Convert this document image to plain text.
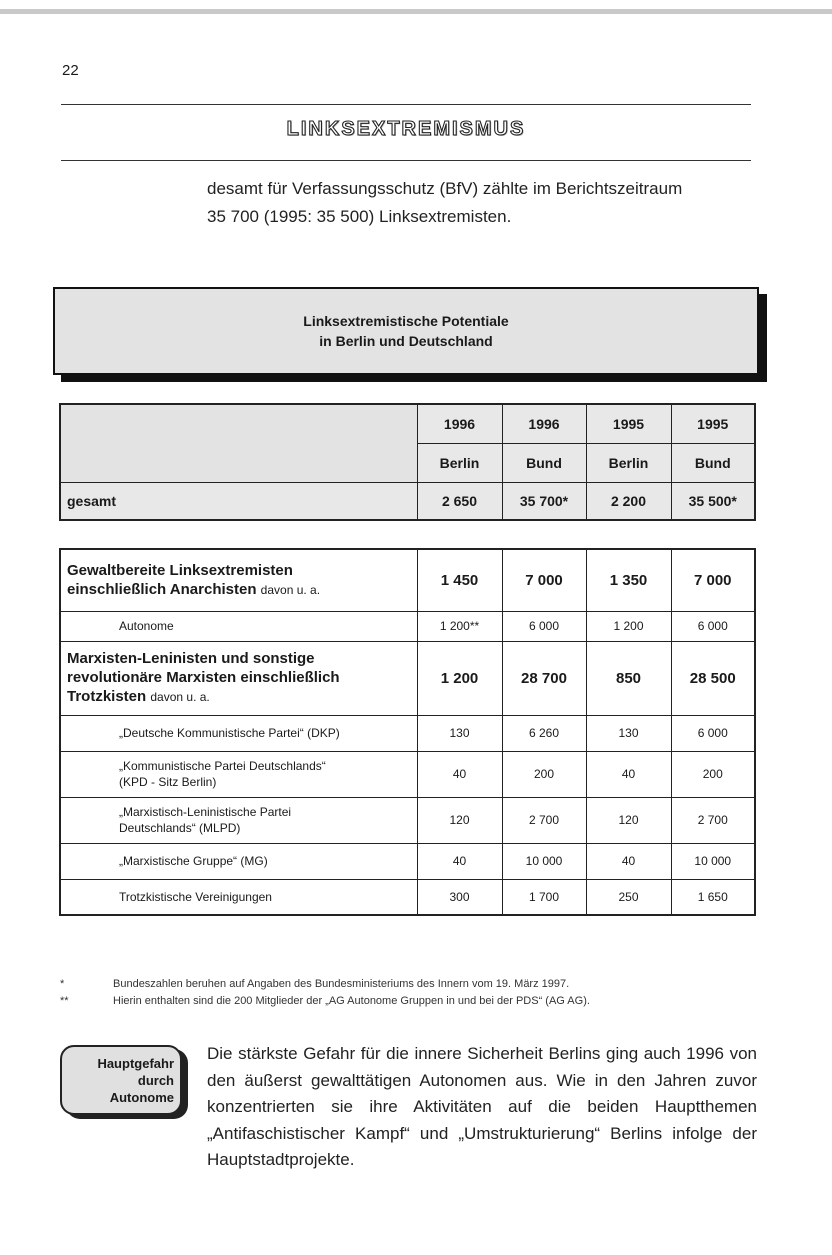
22
LINKSEXTREMISMUS
desamt für Verfassungsschutz (BfV) zählte im Berichtszeitraum
35 700 (1995: 35 500) Linksextremisten.
Linksextremistische Potentiale
in Berlin und Deutschland
	1996	1996	1995	1995
	Berlin	Bund	Berlin	Bund
gesamt	2 650	35 700*	2 200	35 500*
Gewaltbereite Linksextremisten
einschließlich Anarchisten davon u. a.	1 450	7 000	1 350	7 000

Autonome	1 200**	6 000	1 200	6 000

Marxisten-Leninisten und sonstige
revolutionäre Marxisten einschließlich
Trotzkisten davon u. a.	1 200	28 700	850	28 500

„Deutsche Kommunistische Partei“ (DKP)	130	6 260	130	6 000

„Kommunistische Partei Deutschlands“
(KPD - Sitz Berlin)	40	200	40	200

„Marxistisch-Leninistische Partei
Deutschlands“ (MLPD)	120	2 700	120	2 700

„Marxistische Gruppe“ (MG)	40	10 000	40	10 000

Trotzkistische Vereinigungen	300	1 700	250	1 650
*	Bundeszahlen beruhen auf Angaben des Bundesministeriums des Innern vom 19. März 1997.
**	Hierin enthalten sind die 200 Mitglieder der „AG Autonome Gruppen in und bei der PDS“ (AG AG).
Hauptgefahr
durch
Autonome
Die stärkste Gefahr für die innere Sicherheit Berlins ging auch 1996 von den äußerst gewalttätigen Autonomen aus. Wie in den Jahren zuvor konzentrierten sie ihre Aktivitäten auf die beiden Hauptthemen „Antifaschistischer Kampf“ und „Umstrukturierung“ Berlins infolge der Hauptstadtprojekte.
